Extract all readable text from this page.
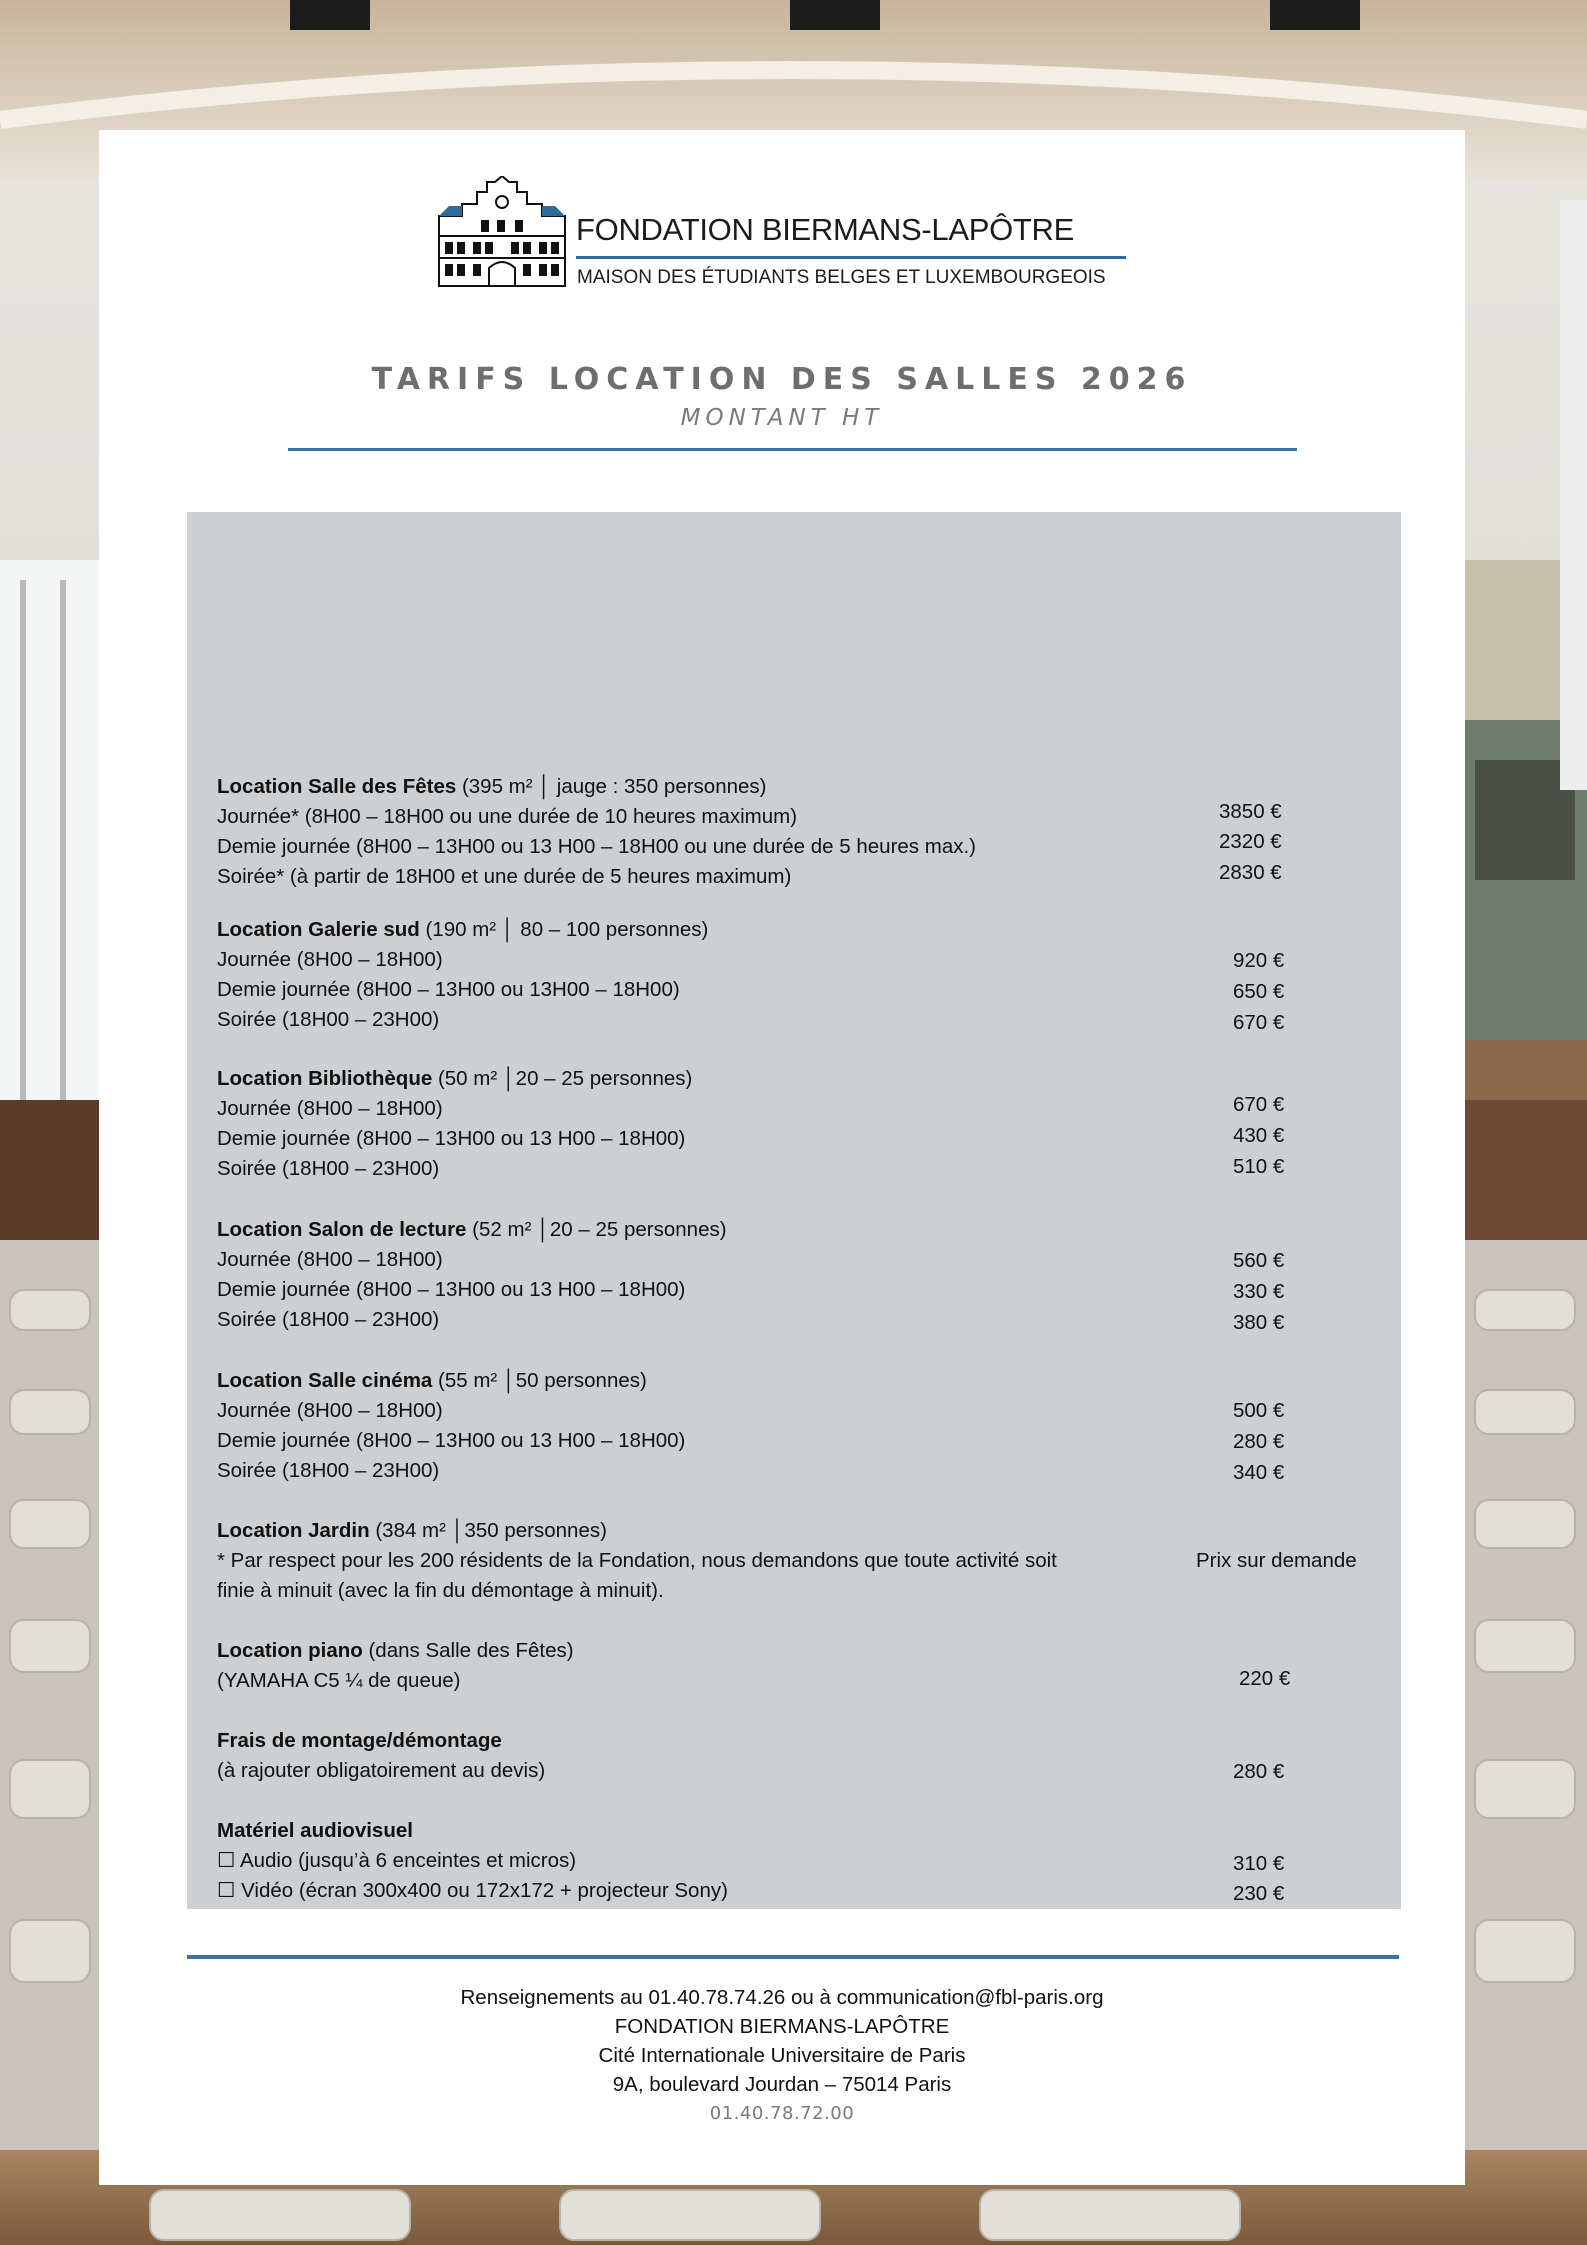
FONDATION BIERMANS-LAPÔTRE
MAISON DES ÉTUDIANTS BELGES ET LUXEMBOURGEOIS
TARIFS LOCATION DES SALLES 2026
MONTANT HT
Location Salle des Fêtes (395 m² │ jauge : 350 personnes)
Journée* (8H00 – 18H00 ou une durée de 10 heures maximum)
Demie journée (8H00 – 13H00 ou 13 H00 – 18H00 ou une durée de 5 heures max.)
Soirée* (à partir de 18H00 et une durée de 5 heures maximum)
3850 €
2320 €
2830 €
Location Galerie sud (190 m² │ 80 – 100 personnes)
Journée (8H00 – 18H00)
Demie journée (8H00 – 13H00 ou 13H00 – 18H00)
Soirée (18H00 – 23H00)
920 €
650 €
670 €
Location Bibliothèque (50 m² │20 – 25 personnes)
Journée (8H00 – 18H00)
Demie journée (8H00 – 13H00 ou 13 H00 – 18H00)
Soirée (18H00 – 23H00)
670 €
430 €
510 €
Location Salon de lecture (52 m² │20 – 25 personnes)
Journée (8H00 – 18H00)
Demie journée (8H00 – 13H00 ou 13 H00 – 18H00)
Soirée (18H00 – 23H00)
560 €
330 €
380 €
Location Salle cinéma (55 m² │50 personnes)
Journée (8H00 – 18H00)
Demie journée (8H00 – 13H00 ou 13 H00 – 18H00)
Soirée (18H00 – 23H00)
500 €
280 €
340 €
Location Jardin (384 m² │350 personnes)
* Par respect pour les 200 résidents de la Fondation, nous demandons que toute activité soit
finie à minuit (avec la fin du démontage à minuit).
Prix sur demande
Location piano (dans Salle des Fêtes)
(YAMAHA C5 ¼ de queue)	220 €
Frais de montage/démontage
(à rajouter obligatoirement au devis)	280 €
Matériel audiovisuel
☐ Audio (jusqu’à 6 enceintes et micros)
☐ Vidéo (écran 300x400 ou 172x172 + projecteur Sony)
310 €
230 €
Renseignements au 01.40.78.74.26 ou à communication@fbl-paris.org
FONDATION BIERMANS-LAPÔTRE
Cité Internationale Universitaire de Paris
9A, boulevard Jourdan – 75014 Paris
01.40.78.72.00
